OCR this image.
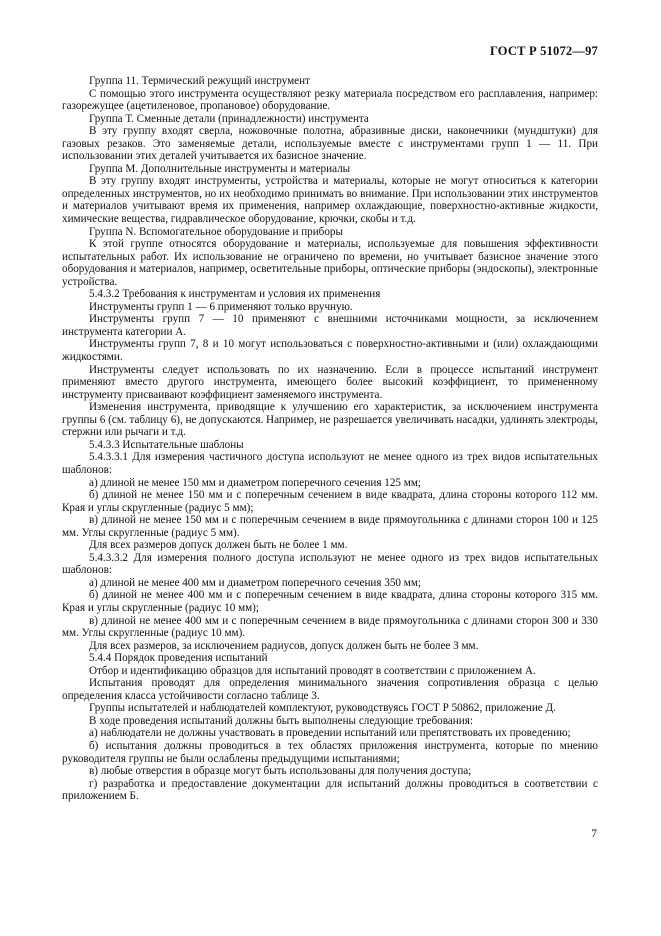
ГОСТ Р 51072—97

Группа 11. Термический режущий инструмент

С помощью этого инструмента осуществляют резку материала посредством его расплавления, например: газорежущее (ацетиленовое, пропановое) оборудование.

Группа Т. Сменные детали (принадлежности) инструмента

В эту группу входят сверла, ножовочные полотна, абразивные диски, наконечники (мундштуки) для газовых резаков. Это заменяемые детали, используемые вместе с инструментами групп 1 — 11. При использовании этих деталей учитывается их базисное значение.

Группа М. Дополнительные инструменты и материалы

В эту группу входят инструменты, устройства и материалы, которые не могут относиться к категории определенных инструментов, но их необходимо принимать во внимание. При использовании этих инструментов и материалов учитывают время их применения, например охлаждающие, поверхностно-активные жидкости, химические вещества, гидравлическое оборудование, крючки, скобы и т.д.

Группа N. Вспомогательное оборудование и приборы

К этой группе относятся оборудование и материалы, используемые для повышения эффективности испытательных работ. Их использование не ограничено по времени, но учитывает базисное значение этого оборудования и материалов, например, осветительные приборы, оптические приборы (эндоскопы), электронные устройства.

5.4.3.2 Требования к инструментам и условия их применения

Инструменты групп 1 — 6 применяют только вручную.

Инструменты групп 7 — 10 применяют с внешними источниками мощности, за исключением инструмента категории А.

Инструменты групп 7, 8 и 10 могут использоваться с поверхностно-активными и (или) охлаждающими жидкостями.

Инструменты следует использовать по их назначению. Если в процессе испытаний инструмент применяют вместо другого инструмента, имеющего более высокий коэффициент, то примененному инструменту присваивают коэффициент заменяемого инструмента.

Изменения инструмента, приводящие к улучшению его характеристик, за исключением инструмента группы 6 (см. таблицу 6), не допускаются. Например, не разрешается увеличивать насадки, удлинять электроды, стержни или рычаги и т.д.

5.4.3.3 Испытательные шаблоны

5.4.3.3.1 Для измерения частичного доступа используют не менее одного из трех видов испытательных шаблонов:

а) длиной не менее 150 мм и диаметром поперечного сечения 125 мм;

б) длиной не менее 150 мм и с поперечным сечением в виде квадрата, длина стороны которого 112 мм. Края и углы скругленные (радиус 5 мм);

в) длиной не менее 150 мм и с поперечным сечением в виде прямоугольника с длинами сторон 100 и 125 мм. Углы скругленные (радиус 5 мм).

Для всех размеров допуск должен быть не более 1 мм.

5.4.3.3.2 Для измерения полного доступа используют не менее одного из трех видов испытательных шаблонов:

а) длиной не менее 400 мм и диаметром поперечного сечения 350 мм;

б) длиной не менее 400 мм и с поперечным сечением в виде квадрата, длина стороны которого 315 мм. Края и углы скругленные (радиус 10 мм);

в) длиной не менее 400 мм и с поперечным сечением в виде прямоугольника с длинами сторон 300 и 330 мм. Углы скругленные (радиус 10 мм).

Для всех размеров, за исключением радиусов, допуск должен быть не более 3 мм.

5.4.4 Порядок проведения испытаний

Отбор и идентификацию образцов для испытаний проводят в соответствии с приложением А.

Испытания проводят для определения минимального значения сопротивления образца с целью определения класса устойчивости согласно таблице 3.

Группы испытателей и наблюдателей комплектуют, руководствуясь ГОСТ Р 50862, приложение Д.

В ходе проведения испытаний должны быть выполнены следующие требования:

а) наблюдатели не должны участвовать в проведении испытаний или препятствовать их проведению;

б) испытания должны проводиться в тех областях приложения инструмента, которые по мнению руководителя группы не были ослаблены предыдущими испытаниями;

в) любые отверстия в образце могут быть использованы для получения доступа;

г) разработка и предоставление документации для испытаний должны проводиться в соответствии с приложением Б.

7
